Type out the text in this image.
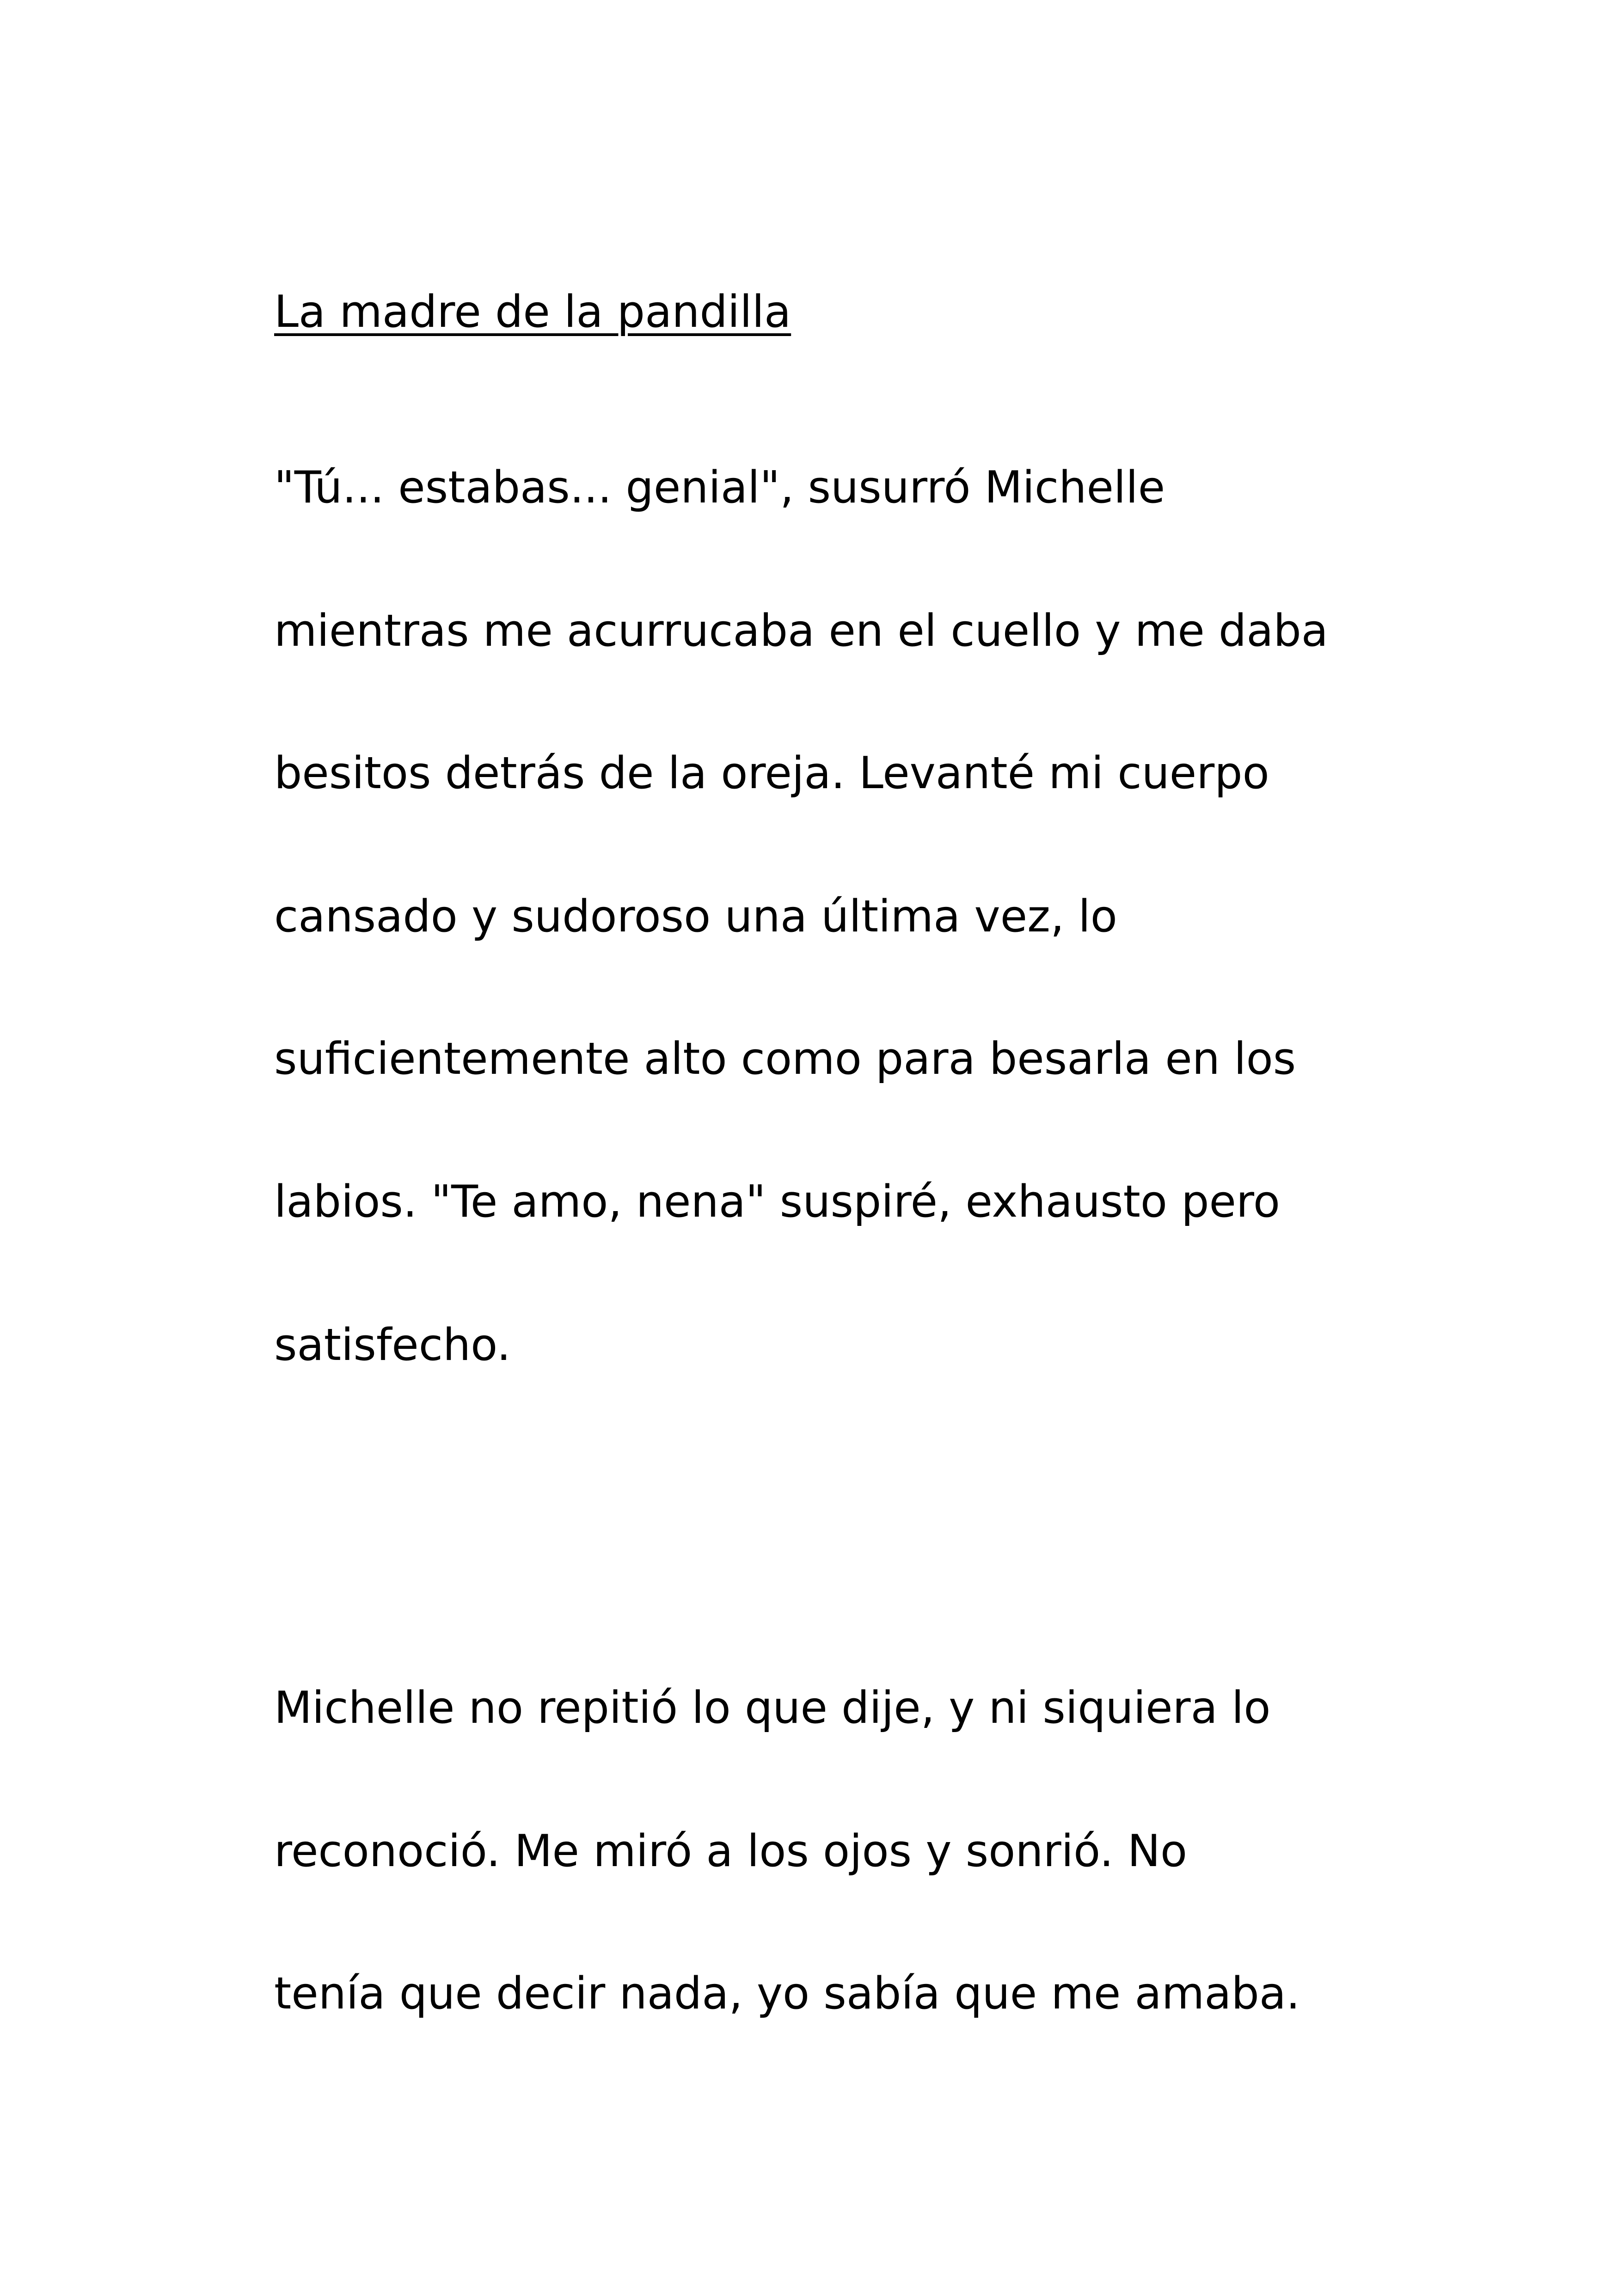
La madre de la pandilla

"Tú... estabas... genial", susurró Michelle

mientras me acurrucaba en el cuello y me daba

besitos detrás de la oreja. Levanté mi cuerpo

cansado y sudoroso una última vez, lo

suficientemente alto como para besarla en los

labios. "Te amo, nena" suspiré, exhausto pero

satisfecho.

Michelle no repitió lo que dije, y ni siquiera lo

reconoció. Me miró a los ojos y sonrió. No

tenía que decir nada, yo sabía que me amaba.
